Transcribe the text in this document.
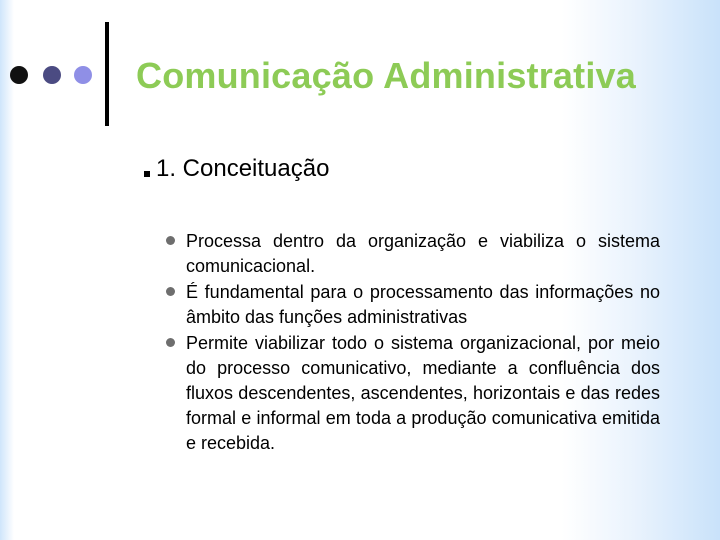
Comunicação Administrativa
1. Conceituação
Processa dentro da organização e viabiliza o sistema comunicacional.
É fundamental para o processamento das informações no âmbito das funções administrativas
Permite viabilizar todo o sistema organizacional, por meio do processo comunicativo, mediante a confluência dos fluxos descendentes, ascendentes, horizontais e das redes formal e informal em toda a produção comunicativa emitida e recebida.
